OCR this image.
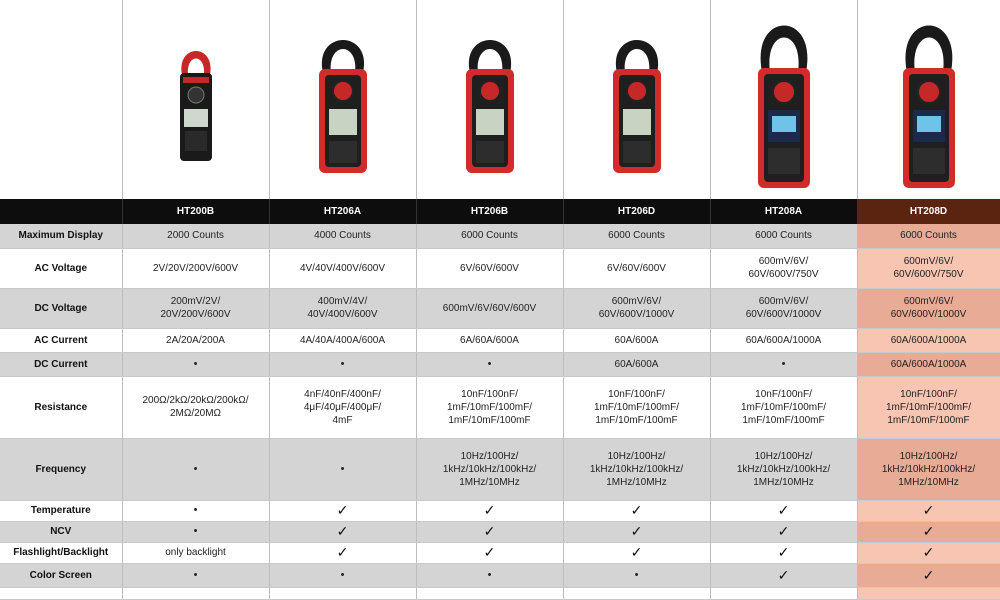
	HT200B	HT206A	HT206B	HT206D	HT208A	HT208D
Maximum Display	2000 Counts	4000 Counts	6000 Counts	6000 Counts	6000 Counts	6000 Counts
AC Voltage	2V/20V/200V/600V	4V/40V/400V/600V	6V/60V/600V	6V/60V/600V	600mV/6V/
60V/600V/750V	600mV/6V/
60V/600V/750V
DC Voltage	200mV/2V/
20V/200V/600V	400mV/4V/
40V/400V/600V	600mV/6V/60V/600V	600mV/6V/
60V/600V/1000V	600mV/6V/
60V/600V/1000V	600mV/6V/
60V/600V/1000V
AC Current	2A/20A/200A	4A/40A/400A/600A	6A/60A/600A	60A/600A	60A/600A/1000A	60A/600A/1000A
DC Current	•	•	•	60A/600A	•	60A/600A/1000A
Resistance	200Ω/2kΩ/20kΩ/200kΩ/
2MΩ/20MΩ	4nF/40nF/400nF/
4μF/40μF/400μF/
4mF	10nF/100nF/
1mF/10mF/100mF/
1mF/10mF/100mF	10nF/100nF/
1mF/10mF/100mF/
1mF/10mF/100mF	10nF/100nF/
1mF/10mF/100mF/
1mF/10mF/100mF	10nF/100nF/
1mF/10mF/100mF/
1mF/10mF/100mF
Frequency	•	•	10Hz/100Hz/
1kHz/10kHz/100kHz/
1MHz/10MHz	10Hz/100Hz/
1kHz/10kHz/100kHz/
1MHz/10MHz	10Hz/100Hz/
1kHz/10kHz/100kHz/
1MHz/10MHz	10Hz/100Hz/
1kHz/10kHz/100kHz/
1MHz/10MHz
Temperature	•	✓	✓	✓	✓	✓
NCV	•	✓	✓	✓	✓	✓
Flashlight/Backlight	only backlight	✓	✓	✓	✓	✓
Color Screen	•	•	•	•	✓	✓
